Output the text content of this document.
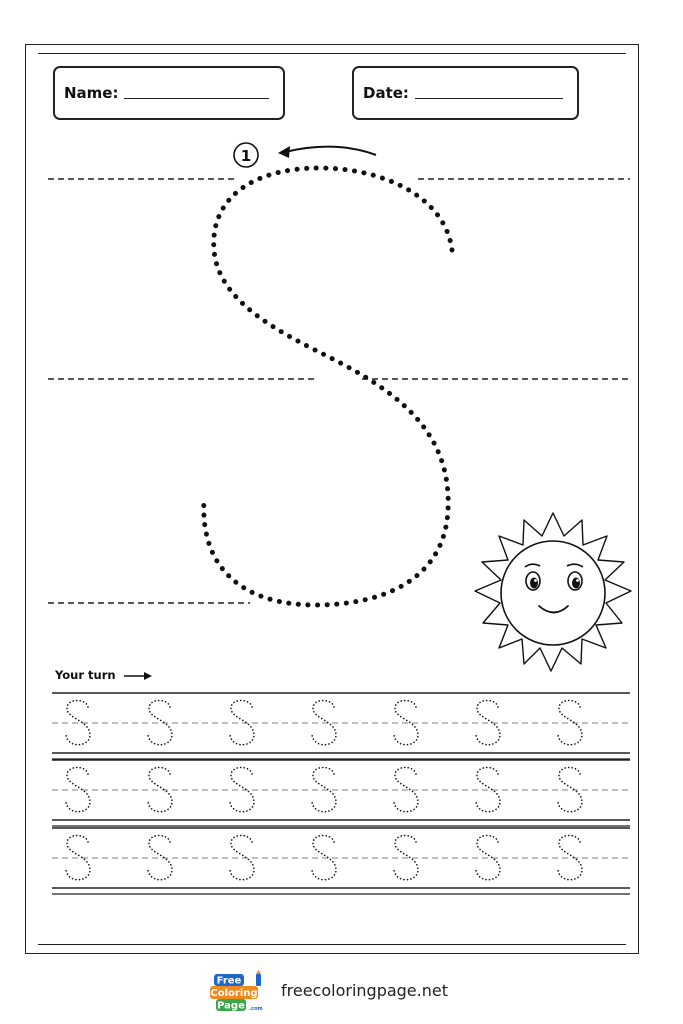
Name:	Date:
1
Your turn
Free
Coloring
Page .com
freecoloringpage.net
